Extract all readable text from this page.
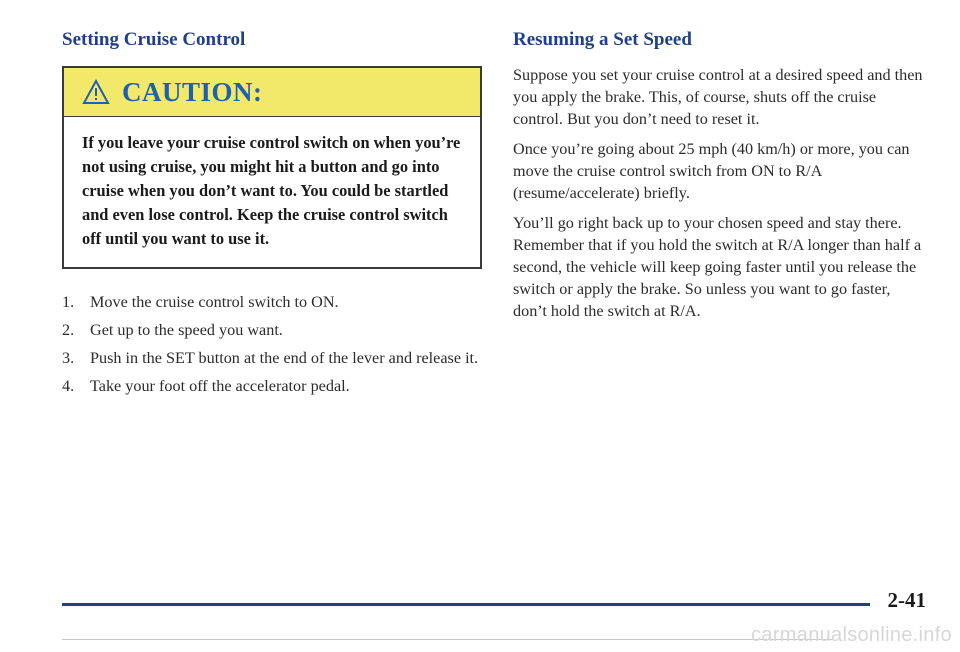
Setting Cruise Control
CAUTION:
If you leave your cruise control switch on when you’re not using cruise, you might hit a button and go into cruise when you don’t want to. You could be startled and even lose control. Keep the cruise control switch off until you want to use it.
1. Move the cruise control switch to ON.
2. Get up to the speed you want.
3. Push in the SET button at the end of the lever and release it.
4. Take your foot off the accelerator pedal.
Resuming a Set Speed

Suppose you set your cruise control at a desired speed and then you apply the brake. This, of course, shuts off the cruise control. But you don’t need to reset it.

Once you’re going about 25 mph (40 km/h) or more, you can move the cruise control switch from ON to R/A (resume/accelerate) briefly.

You’ll go right back up to your chosen speed and stay there. Remember that if you hold the switch at R/A longer than half a second, the vehicle will keep going faster until you release the switch or apply the brake. So unless you want to go faster, don’t hold the switch at R/A.

2-41
carmanualsonline.info
